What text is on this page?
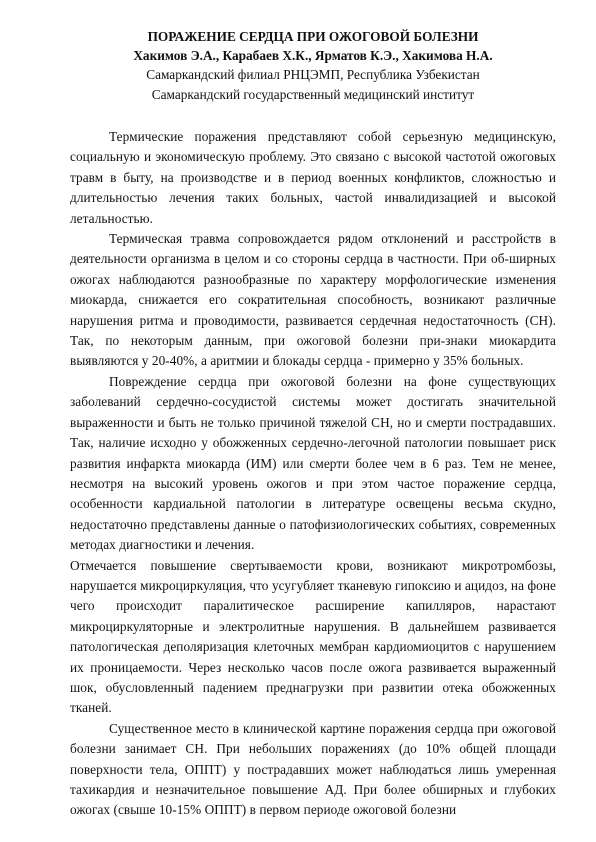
ПОРАЖЕНИЕ СЕРДЦА ПРИ ОЖОГОВОЙ БОЛЕЗНИ

Хакимов Э.А., Карабаев Х.К., Ярматов К.Э., Хакимова Н.А.

Самаркандский филиал РНЦЭМП, Республика Узбекистан

Самаркандский государственный медицинский институт

Термические поражения представляют собой серьезную медицинскую, социальную и экономическую проблему. Это связано с высокой частотой ожоговых травм в быту, на производстве и в период военных конфликтов, сложностью и длительностью лечения таких больных, частой инвалидизацией и высокой летальностью.

Термическая травма сопровождается рядом отклонений и расстройств в деятельности организма в целом и со стороны сердца в частности. При об-ширных ожогах наблюдаются разнообразные по характеру морфологические изменения миокарда, снижается его сократительная способность, возникают различные нарушения ритма и проводимости, развивается сердечная недостаточность (СН). Так, по некоторым данным, при ожоговой болезни при-знаки миокардита выявляются у 20-40%, а аритмии и блокады сердца - примерно у 35% больных.

Повреждение сердца при ожоговой болезни на фоне существующих заболеваний сердечно-сосудистой системы может достигать значительной выраженности и быть не только причиной тяжелой СН, но и смерти пострадавших. Так, наличие исходно у обожженных сердечно-легочной патологии повышает риск развития инфаркта миокарда (ИМ) или смерти более чем в 6 раз. Тем не менее, несмотря на высокий уровень ожогов и при этом частое поражение сердца, особенности кардиальной патологии в литературе освещены весьма скудно, недостаточно представлены данные о патофизиологических событиях, современных методах диагностики и лечения.

Отмечается повышение свертываемости крови, возникают микротромбозы, нарушается микроциркуляция, что усугубляет тканевую гипоксию и ацидоз, на фоне чего происходит паралитическое расширение капилляров, нарастают микроциркуляторные и электролитные нарушения. В дальнейшем развивается патологическая деполяризация клеточных мембран кардиомиоцитов с нарушением их проницаемости. Через несколько часов после ожога развивается выраженный шок, обусловленный падением преднагрузки при развитии отека обожженных тканей.

Существенное место в клинической картине поражения сердца при ожоговой болезни занимает СН. При небольших поражениях (до 10% общей площади поверхности тела, ОППТ) у пострадавших может наблюдаться лишь умеренная тахикардия и незначительное повышение АД. При более обширных и глубоких ожогах (свыше 10-15% ОППТ) в первом периоде ожоговой болезни
